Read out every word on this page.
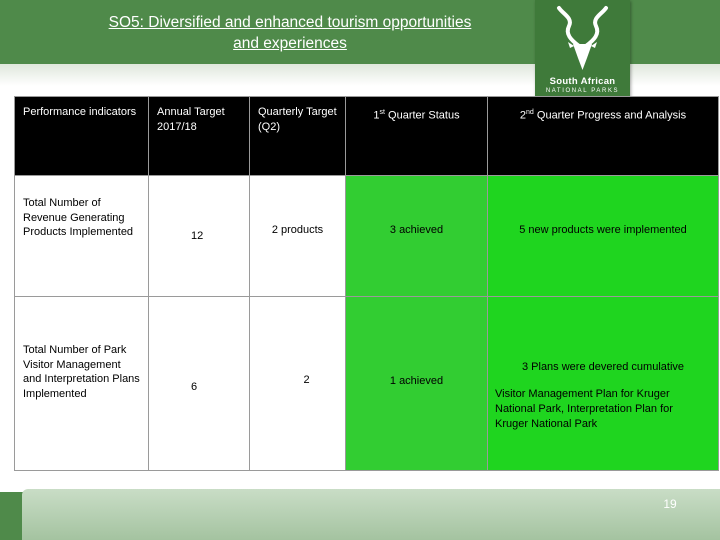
SO5: Diversified and enhanced tourism opportunities
and experiences
South African
NATIONAL PARKS
Performance indicators	Annual Target 2017/18	Quarterly Target (Q2)	1st Quarter Status	2nd Quarter Progress and Analysis

Total Number of Revenue Generating Products Implemented	12	2 products	3 achieved	5 new products were implemented

Total Number of Park Visitor Management and Interpretation Plans Implemented	6	2	1 achieved	3 Plans were devered cumulative
Visitor Management Plan for Kruger National Park, Interpretation Plan for Kruger National Park
19
